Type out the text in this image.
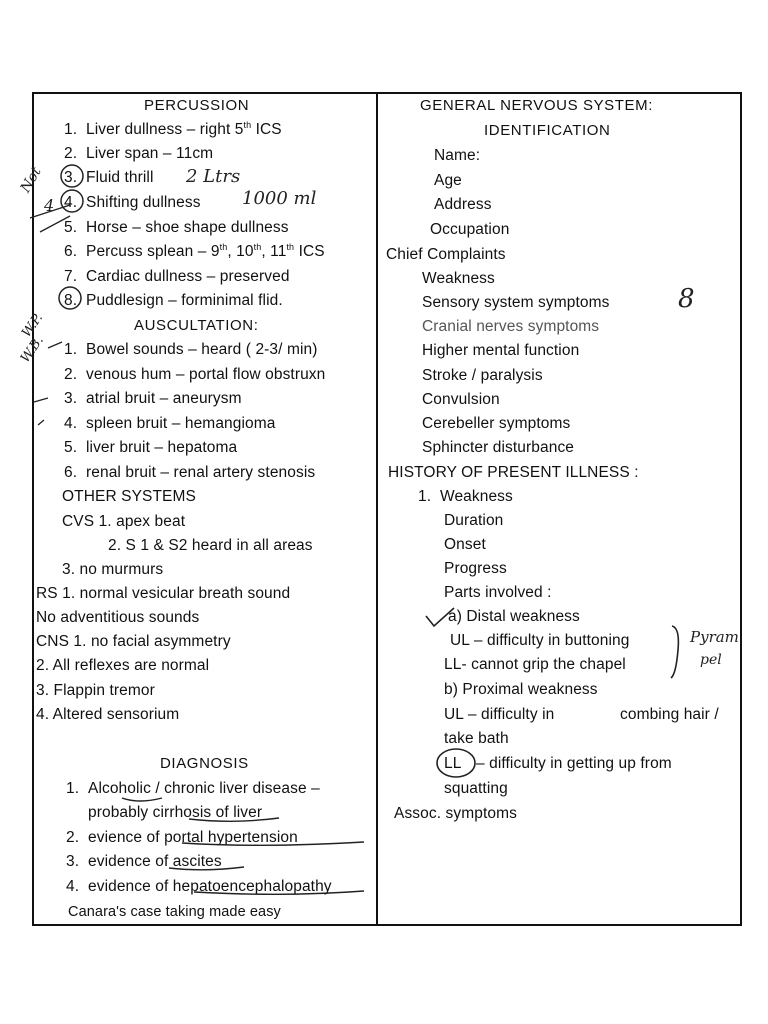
PERCUSSION
1. Liver dullness – right 5th ICS
2. Liver span – 11cm
3. Fluid thrill
4. Shifting dullness
5. Horse – shoe shape dullness
6. Percuss splean – 9th, 10th, 11th ICS
7. Cardiac dullness – preserved
8. Puddlesign – forminimal flid.
AUSCULTATION:
1. Bowel sounds – heard ( 2-3/ min)
2. venous hum – portal flow obstruxn
3. atrial bruit – aneurysm
4. spleen bruit – hemangioma
5. liver bruit – hepatoma
6. renal bruit – renal artery stenosis
OTHER SYSTEMS
CVS 1. apex beat
2. S 1 & S2 heard in all areas
3. no murmurs
RS 1. normal vesicular breath sound
No adventitious sounds
CNS 1. no facial asymmetry
2. All reflexes are normal
3. Flappin tremor
4. Altered sensorium
DIAGNOSIS
1. Alcoholic / chronic liver disease –
probably cirrhosis of liver
2. evience of portal hypertension
3. evidence of ascites
4. evidence of hepatoencephalopathy
Canara's case taking made easy
GENERAL NERVOUS SYSTEM:
IDENTIFICATION
Name:
Age
Address
Occupation
Chief Complaints
Weakness
Sensory system symptoms
Cranial nerves symptoms
Higher mental function
Stroke / paralysis
Convulsion
Cerebeller symptoms
Sphincter disturbance
HISTORY OF PRESENT ILLNESS :
1. Weakness
Duration
Onset
Progress
Parts involved :
a) Distal weakness
UL – difficulty in buttoning
LL- cannot grip the chapel
b) Proximal weakness
UL – difficulty in	combing hair /
take bath
LL – difficulty in getting up from
squatting
Assoc. symptoms
2 Ltrs
1000 ml
Not
4
W.P.
W.B.
8
Pyram
pel
